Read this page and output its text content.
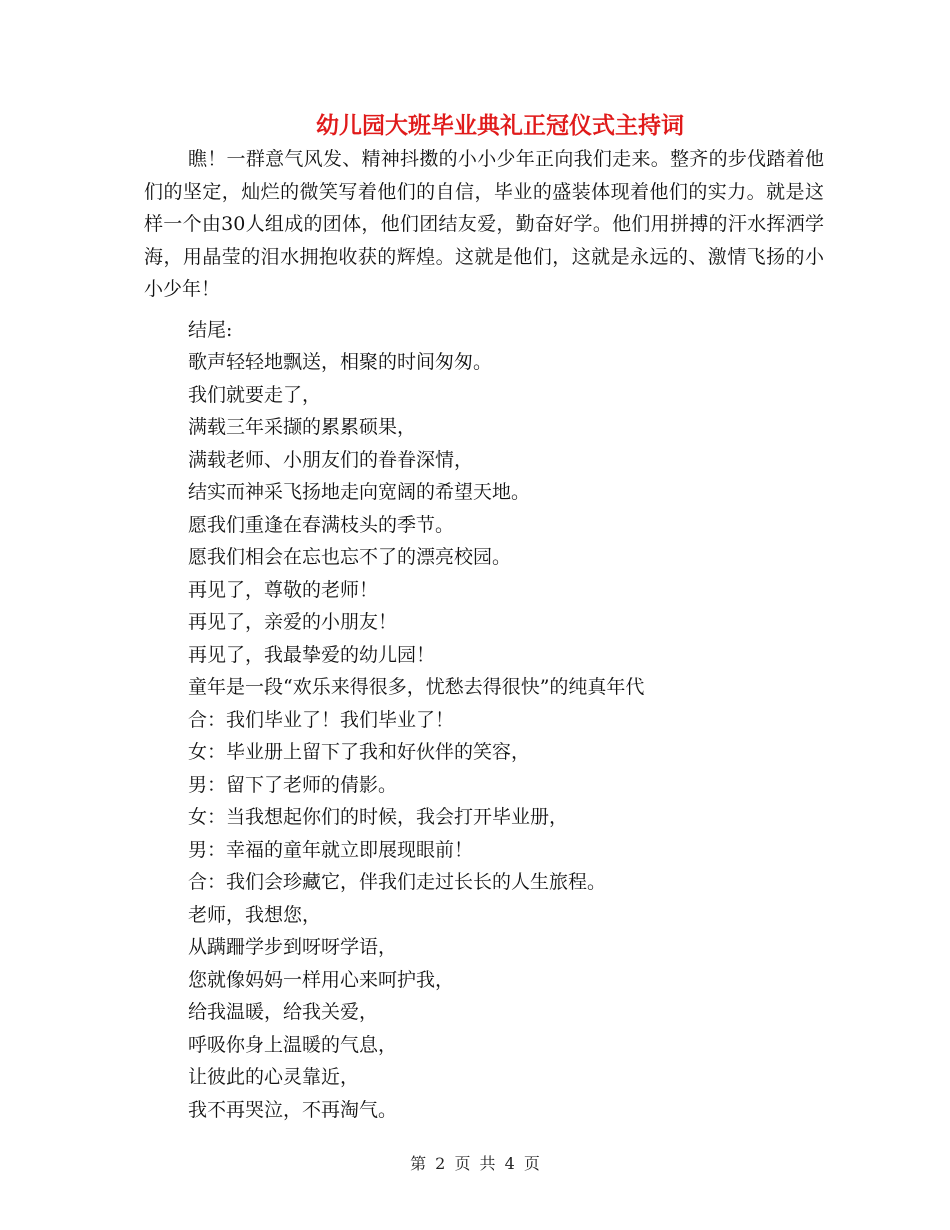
幼儿园大班毕业典礼正冠仪式主持词

瞧！一群意气风发、精神抖擞的小小少年正向我们走来。整齐的步伐踏着他们的坚定，灿烂的微笑写着他们的自信，毕业的盛装体现着他们的实力。就是这样一个由30人组成的团体，他们团结友爱，勤奋好学。他们用拼搏的汗水挥洒学海，用晶莹的泪水拥抱收获的辉煌。这就是他们，这就是永远的、激情飞扬的小小少年！

结尾:
歌声轻轻地飘送，相聚的时间匆匆。
我们就要走了，
满载三年采撷的累累硕果，
满载老师、小朋友们的眷眷深情，
结实而神采飞扬地走向宽阔的希望天地。
愿我们重逢在春满枝头的季节。
愿我们相会在忘也忘不了的漂亮校园。
再见了，尊敬的老师！
再见了，亲爱的小朋友！
再见了，我最挚爱的幼儿园！
童年是一段“欢乐来得很多，忧愁去得很快”的纯真年代
合：我们毕业了！我们毕业了！
女：毕业册上留下了我和好伙伴的笑容，
男：留下了老师的倩影。
女：当我想起你们的时候，我会打开毕业册，
男：幸福的童年就立即展现眼前！
合：我们会珍藏它，伴我们走过长长的人生旅程。
老师，我想您，
从蹒跚学步到呀呀学语，
您就像妈妈一样用心来呵护我，
给我温暖，给我关爱，
呼吸你身上温暖的气息，
让彼此的心灵靠近，
我不再哭泣，不再淘气。
第 2 页 共 4 页
